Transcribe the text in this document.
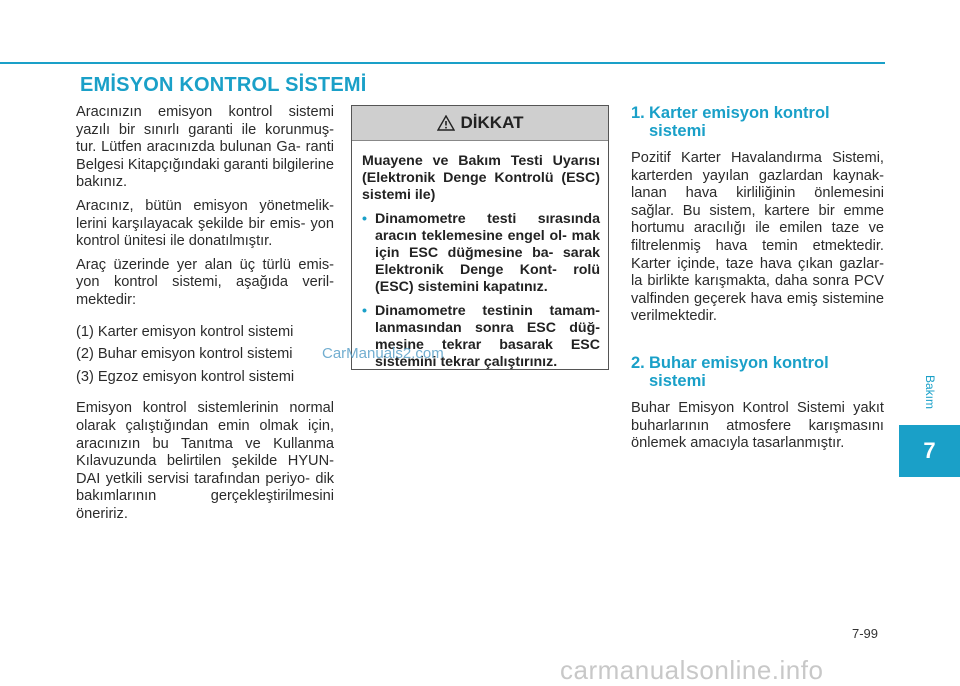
EMİSYON KONTROL SİSTEMİ

Aracınızın emisyon kontrol sistemi yazılı bir sınırlı garanti ile korunmuş- tur. Lütfen aracınızda bulunan Ga- ranti Belgesi Kitapçığındaki garanti bilgilerine bakınız.

Aracınız, bütün emisyon yönetmelik- lerini karşılayacak şekilde bir emis- yon kontrol ünitesi ile donatılmıştır.

Araç üzerinde yer alan üç türlü emis- yon kontrol sistemi, aşağıda veril- mektedir:

(1) Karter emisyon kontrol sistemi
(2) Buhar emisyon kontrol sistemi
(3) Egzoz emisyon kontrol sistemi

Emisyon kontrol sistemlerinin normal olarak çalıştığından emin olmak için, aracınızın bu Tanıtma ve Kullanma Kılavuzunda belirtilen şekilde HYUN- DAI yetkili servisi tarafından periyo- dik bakımlarının gerçekleştirilmesini öneririz.

DİKKAT

Muayene ve Bakım Testi Uyarısı (Elektronik Denge Kontrolü (ESC) sistemi ile)

• Dinamometre testi sırasında aracın teklemesine engel ol- mak için ESC düğmesine ba- sarak Elektronik Denge Kont- rolü (ESC) sistemini kapatınız.
• Dinamometre testinin tamam- lanmasından sonra ESC düğ- mesine tekrar basarak ESC sistemini tekrar çalıştırınız.
CarManuals2.com
1. Karter emisyon kontrol
sistemi

Pozitif Karter Havalandırma Sistemi, karterden yayılan gazlardan kaynak- lanan hava kirliliğinin önlemesini sağlar. Bu sistem, kartere bir emme hortumu aracılığı ile emilen taze ve filtrelenmiş hava temin etmektedir. Karter içinde, taze hava çıkan gazlar- la birlikte karışmakta, daha sonra PCV valfinden geçerek hava emiş sistemine verilmektedir.

2. Buhar emisyon kontrol
sistemi

Buhar Emisyon Kontrol Sistemi yakıt buharlarının atmosfere karışmasını önlemek amacıyla tasarlanmıştır.

Bakım
7
7-99
carmanualsonline.info
